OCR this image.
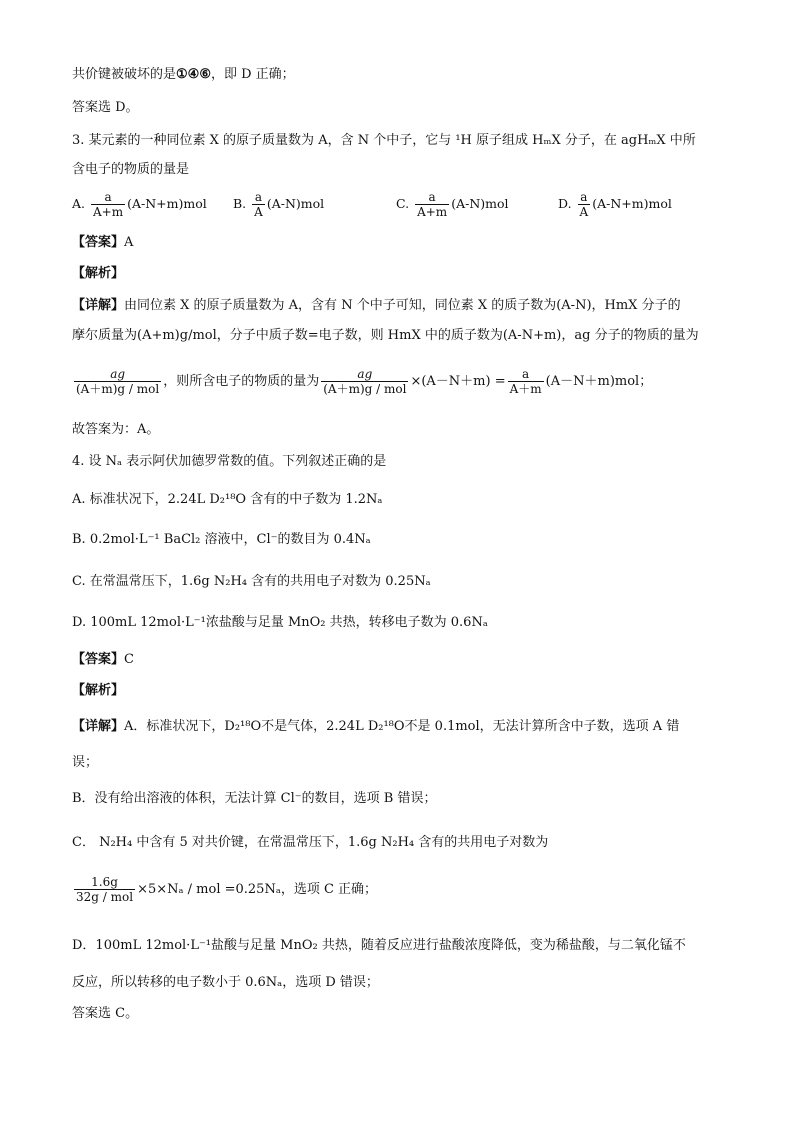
共价键被破坏的是①④⑥，即 D 正确；
答案选 D。
3. 某元素的一种同位素 X 的原子质量数为 A，含 N 个中子，它与 ¹H 原子组成 HₘX 分子，在 agHₘX 中所
含电子的物质的量是
A. $\frac{a}{A+m} (A-N+m)mol$ B. $\frac{a}{A} (A-N)mol$	C. $\frac{a}{A+m} (A-N)mol$	D. $\frac{a}{A} (A-N+m)mol$
【答案】A
【解析】
【详解】由同位素 X 的原子质量数为 A，含有 N 个中子可知，同位素 X 的质子数为(A-N)，HmX 分子的
摩尔质量为(A+m)g/mol，分子中质子数=电子数，则 HmX 中的质子数为(A-N+m)，ag 分子的物质的量为
$\frac{ag}{\text{(A＋m)g / mol}}$ ，则所含电子的物质的量为 $\frac{ag}{\text{(A＋m)g / mol}} \times(A-N+m) = \frac{a}{A+m} (A-N+m)mol$；
故答案为：A。
4. 设 Nₐ 表示阿伏加德罗常数的值。下列叙述正确的是
A. 标准状况下，2.24L D₂¹⁸O 含有的中子数为 1.2Nₐ
B. 0.2mol·L⁻¹ BaCl₂ 溶液中，Cl⁻的数目为 0.4Nₐ
C. 在常温常压下，1.6g N₂H₄ 含有的共用电子对数为 0.25Nₐ
D. 100mL 12mol·L⁻¹浓盐酸与足量 MnO₂ 共热，转移电子数为 0.6Nₐ
【答案】C
【解析】
【详解】A．标准状况下，D₂¹⁸O不是气体，2.24L D₂¹⁸O不是 0.1mol，无法计算所含中子数，选项 A 错
误；
B．没有给出溶液的体积，无法计算 Cl⁻的数目，选项 B 错误；
C． N₂H₄ 中含有 5 对共价键，在常温常压下，1.6g N₂H₄ 含有的共用电子对数为
$\frac{1.6g}{\text{32g / mol}} \times 5\times N_a$ / mol =0.25Nₐ，选项 C 正确；
D．100mL 12mol·L⁻¹盐酸与足量 MnO₂ 共热，随着反应进行盐酸浓度降低，变为稀盐酸，与二氧化锰不
反应，所以转移的电子数小于 0.6Nₐ，选项 D 错误；
答案选 C。
